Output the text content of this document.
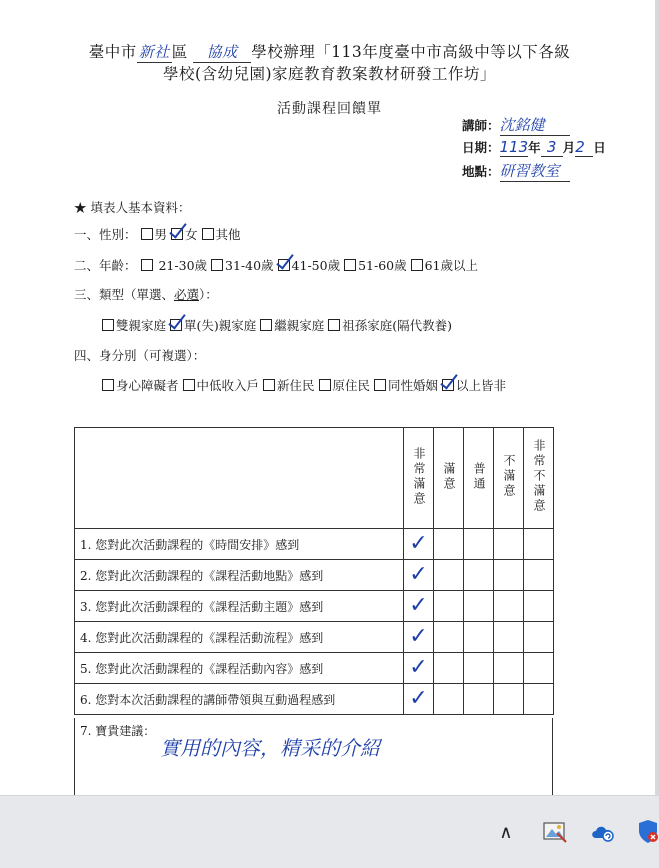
臺中市 新社 區 協成 學校辦理「113年度臺中市高級中等以下各級
學校(含幼兒園)家庭教育教案教材研發工作坊」
活動課程回饋單
講師：沈銘健
日期：113年 3 月2 日
地點：研習教室
★ 填表人基本資料：
一、性別： 男 女 其他
二、年齡： 21-30歲 31-40歲 41-50歲 51-60歲 61歲以上
三、類型（單選、必選）：
雙親家庭 單(失)親家庭 繼親家庭 祖孫家庭(隔代教養)
四、身分別（可複選）：
身心障礙者 中低收入戶 新住民 原住民 同性婚姻 以上皆非
	非常滿意	滿意	普通	不滿意	非常不滿意
1. 您對此次活動課程的《時間安排》感到	✓				
2. 您對此次活動課程的《課程活動地點》感到	✓				
3. 您對此次活動課程的《課程活動主題》感到	✓				
4. 您對此次活動課程的《課程活動流程》感到	✓				
5. 您對此次活動課程的《課程活動內容》感到	✓				
6. 您對本次活動課程的講師帶領與互動過程感到	✓				
7. 寶貴建議：
實用的內容，精采的介紹
∧
